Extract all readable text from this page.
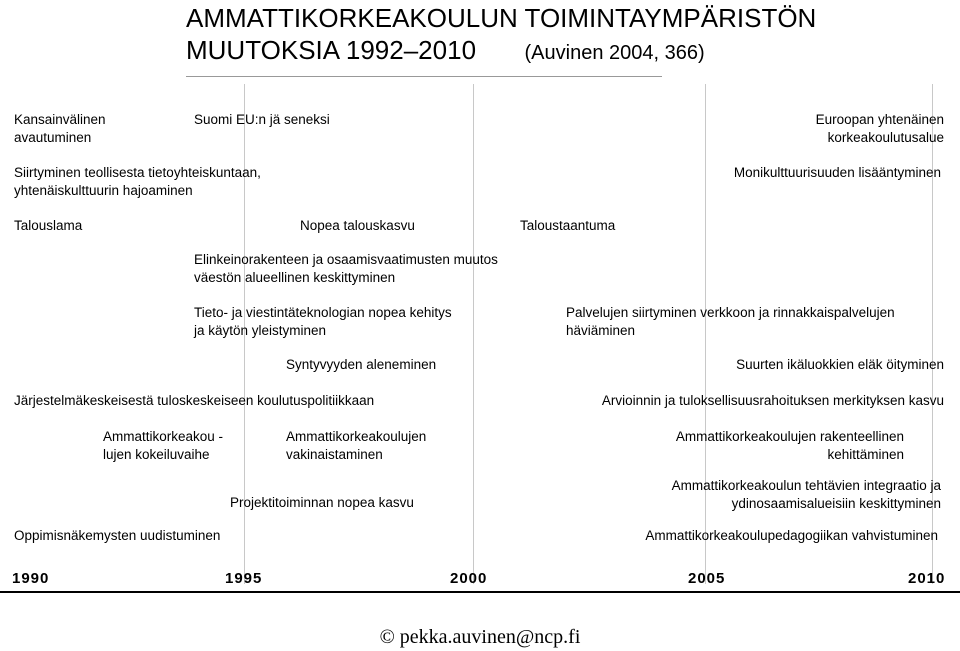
AMMATTIKORKEAKOULUN TOIMINTAYMPÄRISTÖN
MUUTOKSIA 1992–2010 (Auvinen 2004, 366)
Kansainvälinen
avautuminen
Suomi EU:n jä seneksi	Euroopan yhtenäinen
korkeakoulutusalue
Siirtyminen teollisesta tietoyhteiskuntaan,
yhtenäiskulttuurin hajoaminen
Monikulttuurisuuden lisääntyminen
Talouslama	Nopea talouskasvu	Taloustaantuma
Elinkeinorakenteen ja osaamisvaatimusten muutos
väestön alueellinen keskittyminen
Tieto- ja viestintäteknologian nopea kehitys
ja käytön yleistyminen
Palvelujen siirtyminen verkkoon ja rinnakkaispalvelujen
häviäminen
Syntyvyyden aleneminen	Suurten ikäluokkien eläk öityminen
Järjestelmäkeskeisestä tuloskeskeiseen koulutuspolitiikkaan	Arvioinnin ja tuloksellisuusrahoituksen merkityksen kasvu
Ammattikorkeakou -
lujen kokeiluvaihe
Ammattikorkeakoulujen
vakinaistaminen
Ammattikorkeakoulujen rakenteellinen
kehittäminen
Ammattikorkeakoulun tehtävien integraatio ja
ydinosaamisalueisiin keskittyminen
Projektitoiminnan nopea kasvu
Oppimisnäkemysten uudistuminen	Ammattikorkeakoulupedagogiikan vahvistuminen
1990	1995	2000	2005	2010
© pekka.auvinen@ncp.fi
